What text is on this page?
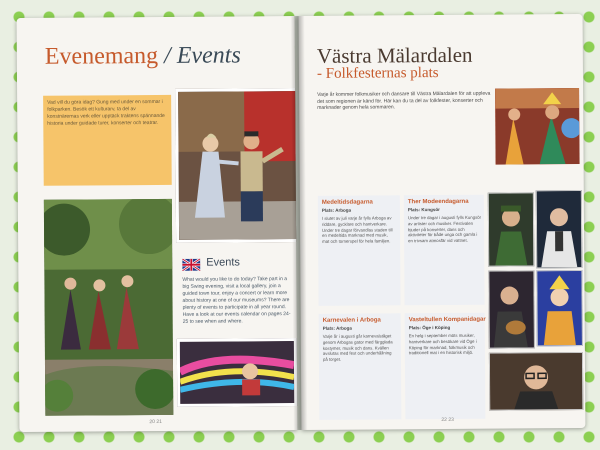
Evenemang / Events

Vad vill du göra idag? Gung med under en sommar i folkparken. Besök ett kulturarv, ta del av konstnärernas verk eller upptäck traktens spännande historia under guidade turer, konserter och teatrar.

Events

What would you like to do today? Take part in a big Swing evening, visit a local gallery, join a guided town tour, enjoy a concert or learn more about history at one of our museums? There are plenty of events to participate in all year round. Have a look at our events calendar on pages 24-25 to see when and where.

20 21
Västra Mälardalen
- Folkfesternas plats

Varje år kommer folkmusiker och dansare till Västra Mälardalen för att uppleva det som regionen är känd för. Här kan du ta del av folkfester, konserter och marknader genom hela sommaren.

Medeltidsdagarna
Plats: Arboga

I slutet av juli varje år fylls Arboga av riddare, gycklare och hantverkare. Under tre dagar förvandlas staden till en medeltida marknad med musik, mat och tornerspel för hela familjen.

Ther Modeendagarna
Plats: Kungsör

Under tre dagar i augusti fylls Kungsör av artister och musiker. Festivalen bjuder på konserter, dans och aktiviteter för både unga och gamla i en trivsam atmosfär vid vattnet.

Karnevalen i Arboga
Plats: Arboga

Varje år i augusti går karnevalståget genom Arbogas gator med färgglada kostymer, musik och dans. Kvällen avslutas med fest och underhållning på torget.

Vasteltullen Kompanidagar
Plats: Öge i Köping

En helg i september möts musiker, hantverkare och besökare vid Öge i Köping för marknad, folkmusik och traditionell mat i en historisk miljö.

22 23
